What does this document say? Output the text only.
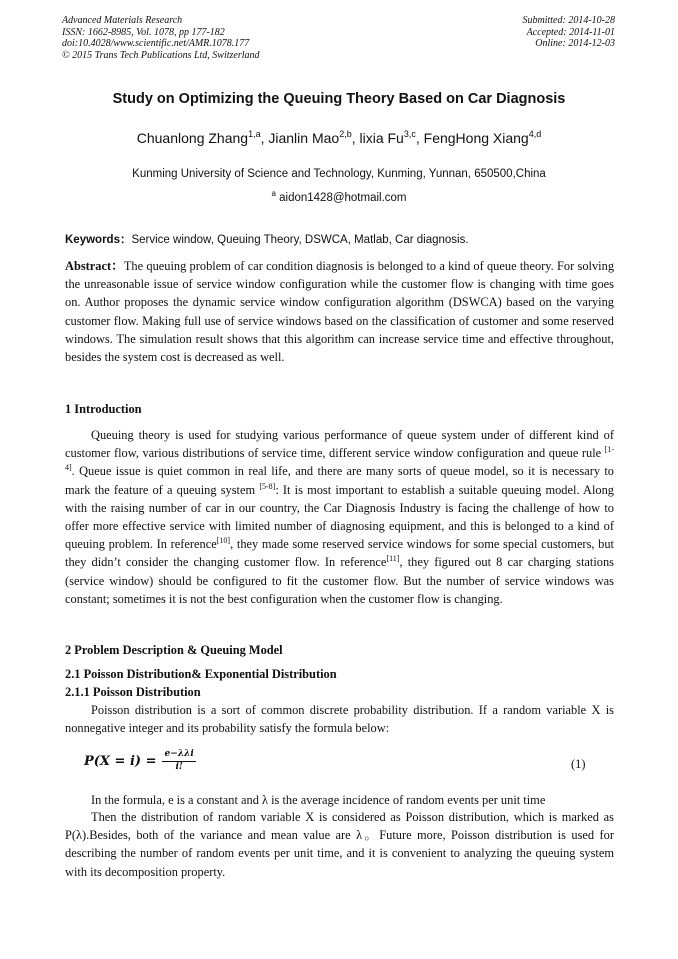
Advanced Materials Research
ISSN: 1662-8985, Vol. 1078, pp 177-182
doi:10.4028/www.scientific.net/AMR.1078.177
© 2015 Trans Tech Publications Ltd, Switzerland
Submitted: 2014-10-28
Accepted: 2014-11-01
Online: 2014-12-03
Study on Optimizing the Queuing Theory Based on Car Diagnosis
Chuanlong Zhang$^{1,a}$, Jianlin Mao$^{2,b}$, lixia Fu$^{3,c}$, FengHong Xiang$^{4,d}$
Kunming University of Science and Technology, Kunming, Yunnan, 650500,China
$^a$ aidon1428@hotmail.com
Keywords：Service window, Queuing Theory, DSWCA, Matlab, Car diagnosis.
Abstract：The queuing problem of car condition diagnosis is belonged to a kind of queue theory. For solving the unreasonable issue of service window configuration while the customer flow is changing with time goes on. Author proposes the dynamic service window configuration algorithm (DSWCA) based on the varying customer flow. Making full use of service windows based on the classification of customer and some reserved windows. The simulation result shows that this algorithm can increase service time and effective throughout, besides the system cost is decreased as well.
1 Introduction
Queuing theory is used for studying various performance of queue system under of different kind of customer flow, various distributions of service time, different service window configuration and queue rule [1- 4]. Queue issue is quiet common in real life, and there are many sorts of queue model, so it is necessary to mark the feature of a queuing system [5-8]: It is most important to establish a suitable queuing model. Along with the raising number of car in our country, the Car Diagnosis Industry is facing the challenge of how to offer more effective service with limited number of diagnosing equipment, and this is belonged to a kind of queuing problem. In reference[10], they made some reserved service windows for some special customers, but they didn’t consider the changing customer flow. In reference[11], they figured out 8 car charging stations (service window) should be configured to fit the customer flow. But the number of service windows was constant; sometimes it is not the best configuration when the customer flow is changing.
2 Problem Description & Queuing Model
2.1 Poisson Distribution& Exponential Distribution
2.1.1 Poisson Distribution
Poisson distribution is a sort of common discrete probability distribution. If a random variable X is nonnegative integer and its probability satisfy the formula below:
$P(X = i) = \frac{\text{e−λλi}}{i!}$	(1)
In the formula, e is a constant and λ is the average incidence of random events per unit time
Then the distribution of random variable X is considered as Poisson distribution, which is marked as P(λ).Besides, both of the variance and mean value are λ。Future more, Poisson distribution is used for describing the number of random events per unit time, and it is convenient to analyzing the queuing system with its decomposition property.
